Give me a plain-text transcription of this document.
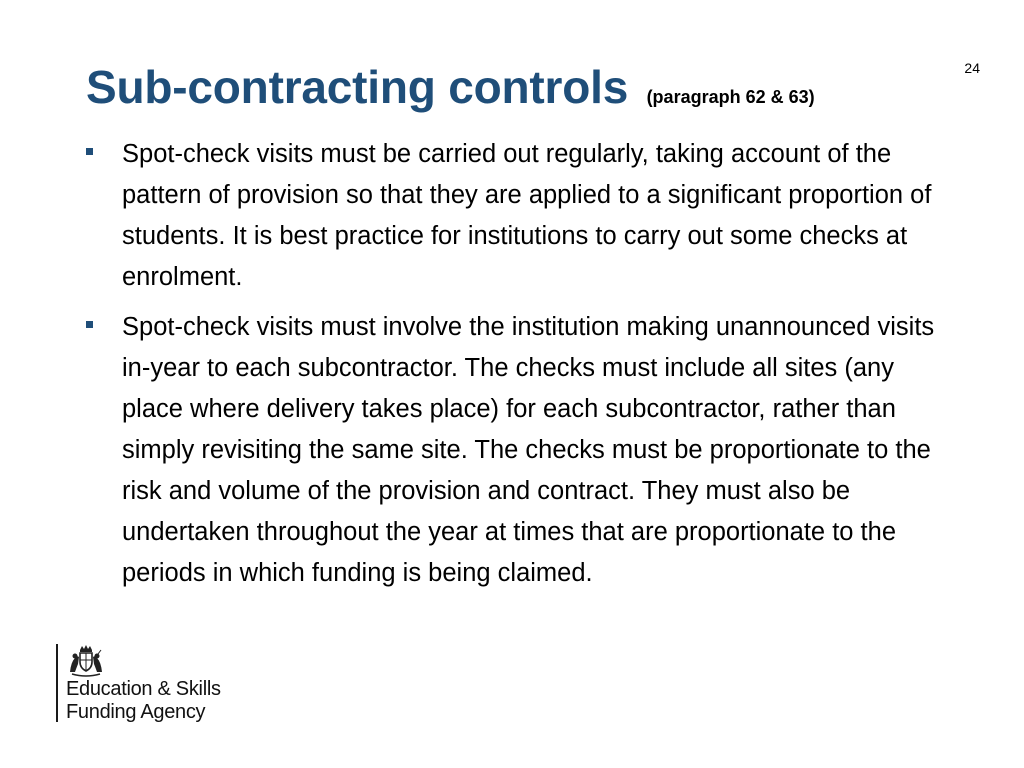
24
Sub-contracting controls (paragraph 62 & 63)
Spot-check visits must be carried out regularly, taking account of the pattern of provision so that they are applied to a significant proportion of students. It is best practice for institutions to carry out some checks at enrolment.
Spot-check visits must involve the institution making unannounced visits in-year to each subcontractor. The checks must include all sites (any place where delivery takes place) for each subcontractor, rather than simply revisiting the same site. The checks must be proportionate to the risk and volume of the provision and contract. They must also be undertaken throughout the year at times that are proportionate to the periods in which funding is being claimed.
Education & Skills
Funding Agency
